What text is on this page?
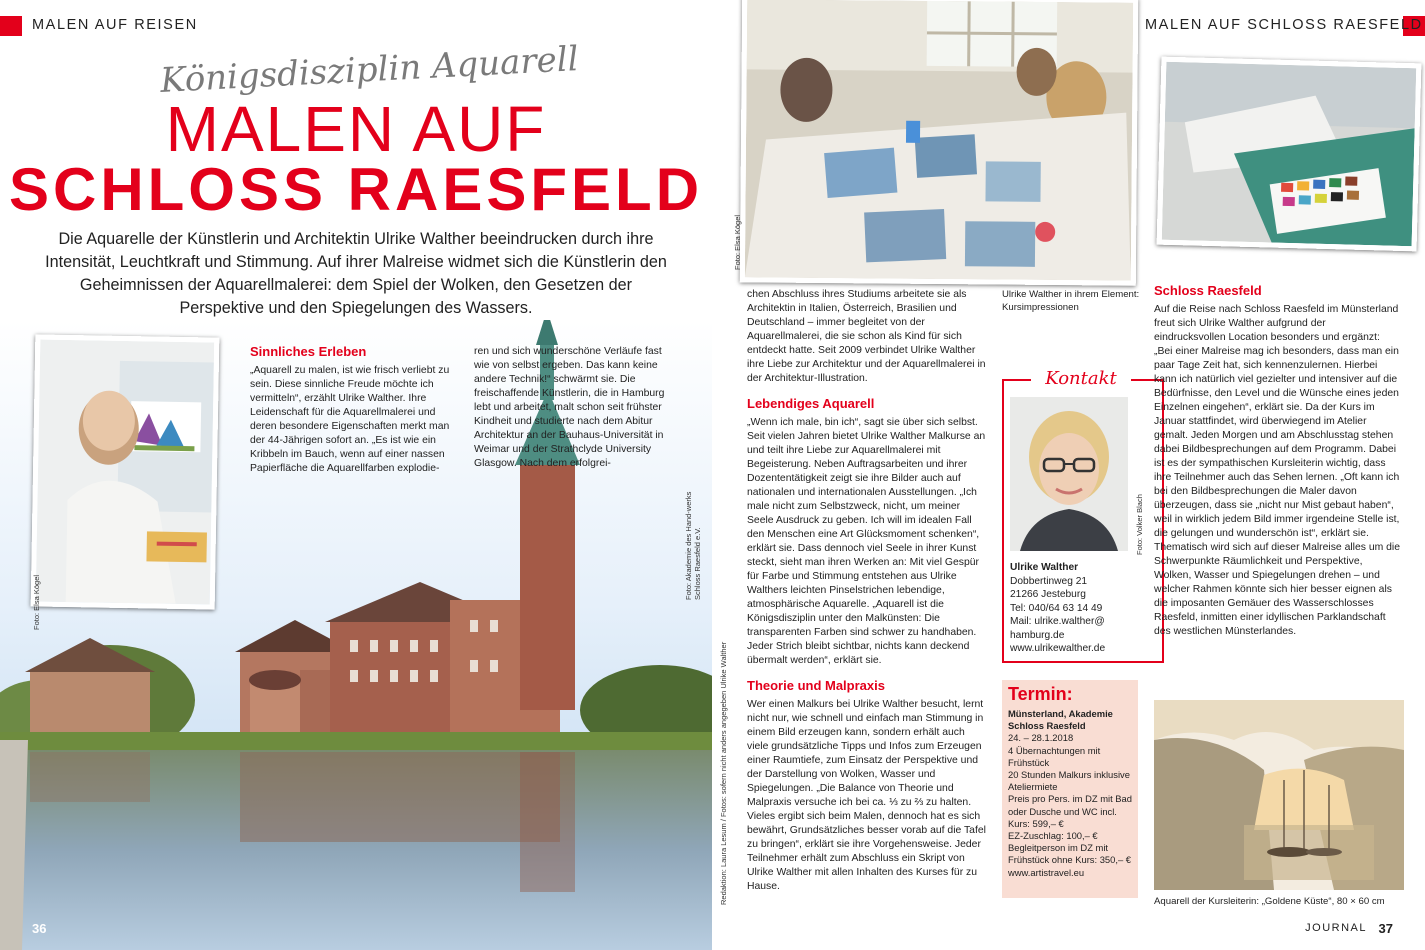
MALEN AUF REISEN
Königsdisziplin Aquarell
MALEN AUF
SCHLOSS RAESFELD
Die Aquarelle der Künstlerin und Architektin Ulrike Walther beeindrucken durch ihre Intensität, Leuchtkraft und Stimmung. Auf ihrer Malreise widmet sich die Künstlerin den Geheimnissen der Aquarellmalerei: dem Spiel der Wolken, den Gesetzen der Perspektive und den Spiegelungen des Wassers.
Foto: Elsa Kögel
Sinnliches Erleben

„Aquarell zu malen, ist wie frisch verliebt zu sein. Diese sinnliche Freude möchte ich vermitteln“, erzählt Ulrike Walther. Ihre Leidenschaft für die Aquarellmalerei und deren besondere Eigenschaften merkt man der 44-Jährigen sofort an. „Es ist wie ein Kribbeln im Bauch, wenn auf einer nassen Papierfläche die Aquarellfarben explodie-

ren und sich wunderschöne Verläufe fast wie von selbst ergeben. Das kann keine andere Technik!“ schwärmt sie. Die freischaffende Künstlerin, die in Hamburg lebt und arbeitet, malt schon seit frühster Kindheit und studierte nach dem Abitur Architektur an der Bauhaus-Universität in Weimar und der Strathclyde University Glasgow. Nach dem erfolgrei-

Foto: Akademie des Hand-werks Schloss Raesfeld e.V.
36
Foto: Elsa Kögel
MALEN AUF SCHLOSS RAESFELD
Redaktion: Laura Lesum / Fotos: sofern nicht anders angegeben Ulrike Walther

chen Abschluss ihres Studiums arbeitete sie als Architektin in Italien, Österreich, Brasilien und Deutschland – immer begleitet von der Aquarellmalerei, die sie schon als Kind für sich entdeckt hatte. Seit 2009 verbindet Ulrike Walther ihre Liebe zur Architektur und der Aquarellmalerei in der Architektur-Illustration.

Lebendiges Aquarell

„Wenn ich male, bin ich“, sagt sie über sich selbst. Seit vielen Jahren bietet Ulrike Walther Malkurse an und teilt ihre Liebe zur Aquarellmalerei mit Begeisterung. Neben Auftragsarbeiten und ihrer Dozententätigkeit zeigt sie ihre Bilder auch auf nationalen und internationalen Ausstellungen. „Ich male nicht zum Selbstzweck, nicht, um meiner Seele Ausdruck zu geben. Ich will im idealen Fall den Menschen eine Art Glücksmoment schenken“, erklärt sie. Dass dennoch viel Seele in ihrer Kunst steckt, sieht man ihren Werken an: Mit viel Gespür für Farbe und Stimmung entstehen aus Ulrike Walthers leichten Pinselstrichen lebendige, atmosphärische Aquarelle. „Aquarell ist die Königsdisziplin unter den Malkünsten: Die transparenten Farben sind schwer zu handhaben. Jeder Strich bleibt sichtbar, nichts kann deckend übermalt werden“, erklärt sie.

Theorie und Malpraxis

Wer einen Malkurs bei Ulrike Walther besucht, lernt nicht nur, wie schnell und einfach man Stimmung in einem Bild erzeugen kann, sondern erhält auch viele grundsätzliche Tipps und Infos zum Erzeugen einer Raumtiefe, zum Einsatz der Perspektive und der Darstellung von Wolken, Wasser und Spiegelungen. „Die Balance von Theorie und Malpraxis versuche ich bei ca. ⅓ zu ⅔ zu halten. Vieles ergibt sich beim Malen, dennoch hat es sich bewährt, Grundsätzliches besser vorab auf die Tafel zu bringen“, erklärt sie ihre Vorgehensweise. Jeder Teilnehmer erhält zum Abschluss ein Skript von Ulrike Walther mit allen Inhalten des Kurses für zu Hause.

Ulrike Walther in ihrem Element: Kursimpressionen
Ulrike Walther
Dobbertinweg 21
21266 Jesteburg
Tel: 040/64 63 14 49
Mail: ulrike.walther@
hamburg.de
www.ulrikewalther.de
Kontakt
Termin:
Münsterland, Akademie Schloss Raesfeld
24. – 28.1.2018
4 Übernachtungen mit Frühstück
20 Stunden Malkurs inklusive Ateliermiete
Preis pro Pers. im DZ mit Bad oder Dusche und WC incl. Kurs: 599,– €
EZ-Zuschlag: 100,– €
Begleitperson im DZ mit Frühstück ohne Kurs: 350,– €
www.artistravel.eu
Foto: Volker Blach
Schloss Raesfeld

Auf die Reise nach Schloss Raesfeld im Münsterland freut sich Ulrike Walther aufgrund der eindrucksvollen Location besonders und ergänzt: „Bei einer Malreise mag ich besonders, dass man ein paar Tage Zeit hat, sich kennenzulernen. Hierbei kann ich natürlich viel gezielter und intensiver auf die Bedürfnisse, den Level und die Wünsche eines jeden Einzelnen eingehen“, erklärt sie. Da der Kurs im Januar stattfindet, wird überwiegend im Atelier gemalt. Jeden Morgen und am Abschlusstag stehen dabei Bildbesprechungen auf dem Programm. Dabei ist es der sympathischen Kursleiterin wichtig, dass ihre Teilnehmer auch das Sehen lernen. „Oft kann ich bei den Bildbesprechungen die Maler davon überzeugen, dass sie „nicht nur Mist gebaut haben“, weil in wirklich jedem Bild immer irgendeine Stelle ist, die gelungen und wunderschön ist“, erklärt sie. Thematisch wird sich auf dieser Malreise alles um die Schwerpunkte Räumlichkeit und Perspektive, Wolken, Wasser und Spiegelungen drehen – und welcher Rahmen könnte sich hier besser eignen als die imposanten Gemäuer des Wasserschlosses Raesfeld, inmitten einer idyllischen Parklandschaft des westlichen Münsterlandes.

Aquarell der Kursleiterin: „Goldene Küste“, 80 × 60 cm
JOURNAL 37
